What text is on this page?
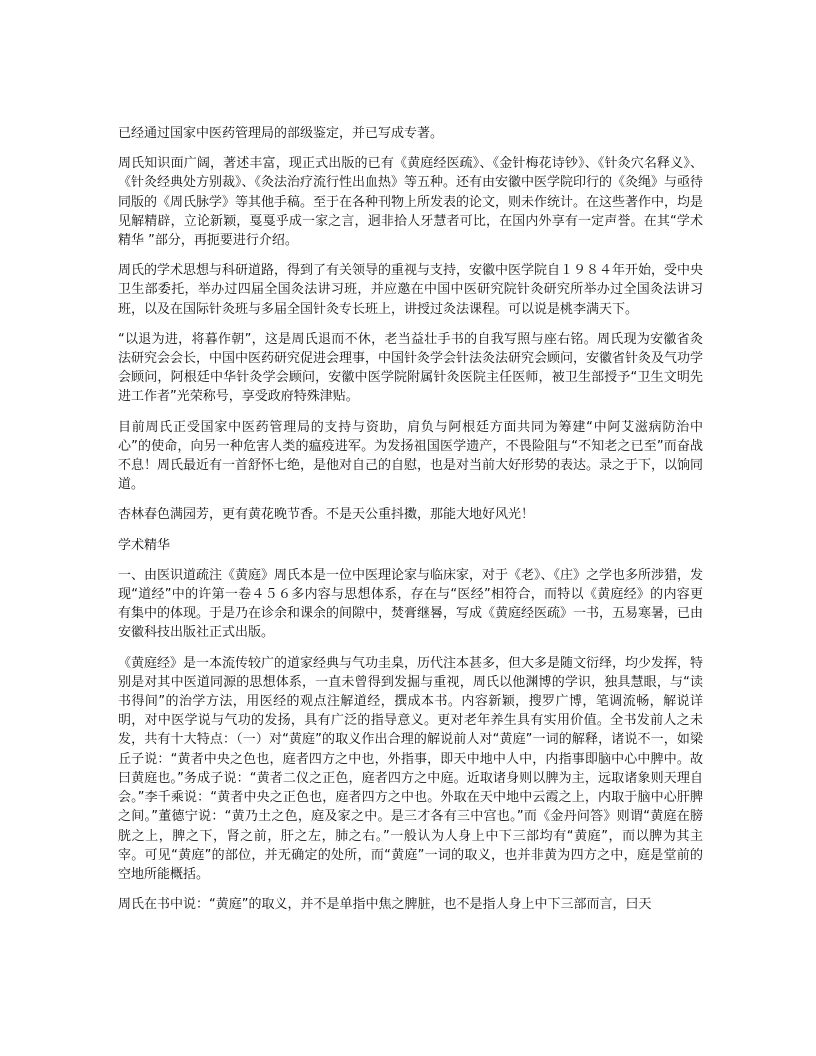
已经通过国家中医药管理局的部级鉴定，并已写成专著。

周氏知识面广阔，著述丰富，现正式出版的已有《黄庭经医疏》、《金针梅花诗钞》、《针灸穴名释义》、《针灸经典处方别裁》、《灸法治疗流行性出血热》等五种。还有由安徽中医学院印行的《灸绳》与亟待同版的《周氏脉学》等其他手稿。至于在各种刊物上所发表的论文，则未作统计。在这些著作中，均是见解精辟，立论新颖，戛戛乎成一家之言，迥非拾人牙慧者可比，在国内外享有一定声誉。在其“学术精华 ”部分，再扼要进行介绍。

周氏的学术思想与科研道路，得到了有关领导的重视与支持，安徽中医学院自１９８４年开始，受中央卫生部委托，举办过四届全国灸法讲习班，并应邀在中国中医研究院针灸研究所举办过全国灸法讲习班，以及在国际针灸班与多届全国针灸专长班上，讲授过灸法课程。可以说是桃李满天下。

“以退为进，将暮作朝”，这是周氏退而不休，老当益壮手书的自我写照与座右铭。周氏现为安徽省灸法研究会会长，中国中医药研究促进会理事，中国针灸学会针法灸法研究会顾问，安徽省针灸及气功学会顾问，阿根廷中华针灸学会顾问，安徽中医学院附属针灸医院主任医师，被卫生部授予“卫生文明先进工作者”光荣称号，享受政府特殊津贴。

目前周氏正受国家中医药管理局的支持与资助，肩负与阿根廷方面共同为筹建“中阿艾滋病防治中心”的使命，向另一种危害人类的瘟疫进军。为发扬祖国医学遗产，不畏险阻与“不知老之已至”而奋战不息！周氏最近有一首舒怀七绝，是他对自己的自慰，也是对当前大好形势的表达。录之于下，以饷同道。

杏林春色满园芳，更有黄花晚节香。不是天公重抖擞，那能大地好风光！

学术精华

一、由医识道疏注《黄庭》周氏本是一位中医理论家与临床家，对于《老》、《庄》之学也多所涉猎，发现“道经”中的许第一卷４５６多内容与思想体系，存在与“医经”相符合，而特以《黄庭经》的内容更有集中的体现。于是乃在诊余和课余的间隙中，焚膏继晷，写成《黄庭经医疏》一书，五易寒暑，已由安徽科技出版社正式出版。

《黄庭经》是一本流传较广的道家经典与气功圭臬，历代注本甚多，但大多是随文衍绎，均少发挥，特别是对其中医道同源的思想体系，一直未曾得到发掘与重视，周氏以他渊博的学识，独具慧眼，与“读书得间”的治学方法，用医经的观点注解道经，撰成本书。内容新颖，搜罗广博，笔调流畅，解说详明，对中医学说与气功的发扬，具有广泛的指导意义。更对老年养生具有实用价值。全书发前人之未发，共有十大特点：（一）对“黄庭”的取义作出合理的解说前人对“黄庭”一词的解释，诸说不一，如梁丘子说：“黄者中央之色也，庭者四方之中也，外指事，即天中地中人中，内指事即脑中心中脾中。故曰黄庭也。”务成子说：“黄者二仪之正色，庭者四方之中庭。近取诸身则以脾为主，远取诸象则天理自会。”李千乘说：“黄者中央之正色也，庭者四方之中也。外取在天中地中云霞之上，内取于脑中心肝脾之间。”董德宁说：“黄乃土之色，庭及家之中。是三才各有三中宫也。”而《金丹问答》则谓“黄庭在膀胱之上，脾之下，肾之前，肝之左，肺之右。”一般认为人身上中下三部均有“黄庭”，而以脾为其主宰。可见“黄庭”的部位，并无确定的处所，而“黄庭”一词的取义，也并非黄为四方之中，庭是堂前的空地所能概括。

周氏在书中说：“黄庭”的取义，并不是单指中焦之脾脏，也不是指人身上中下三部而言，曰天
